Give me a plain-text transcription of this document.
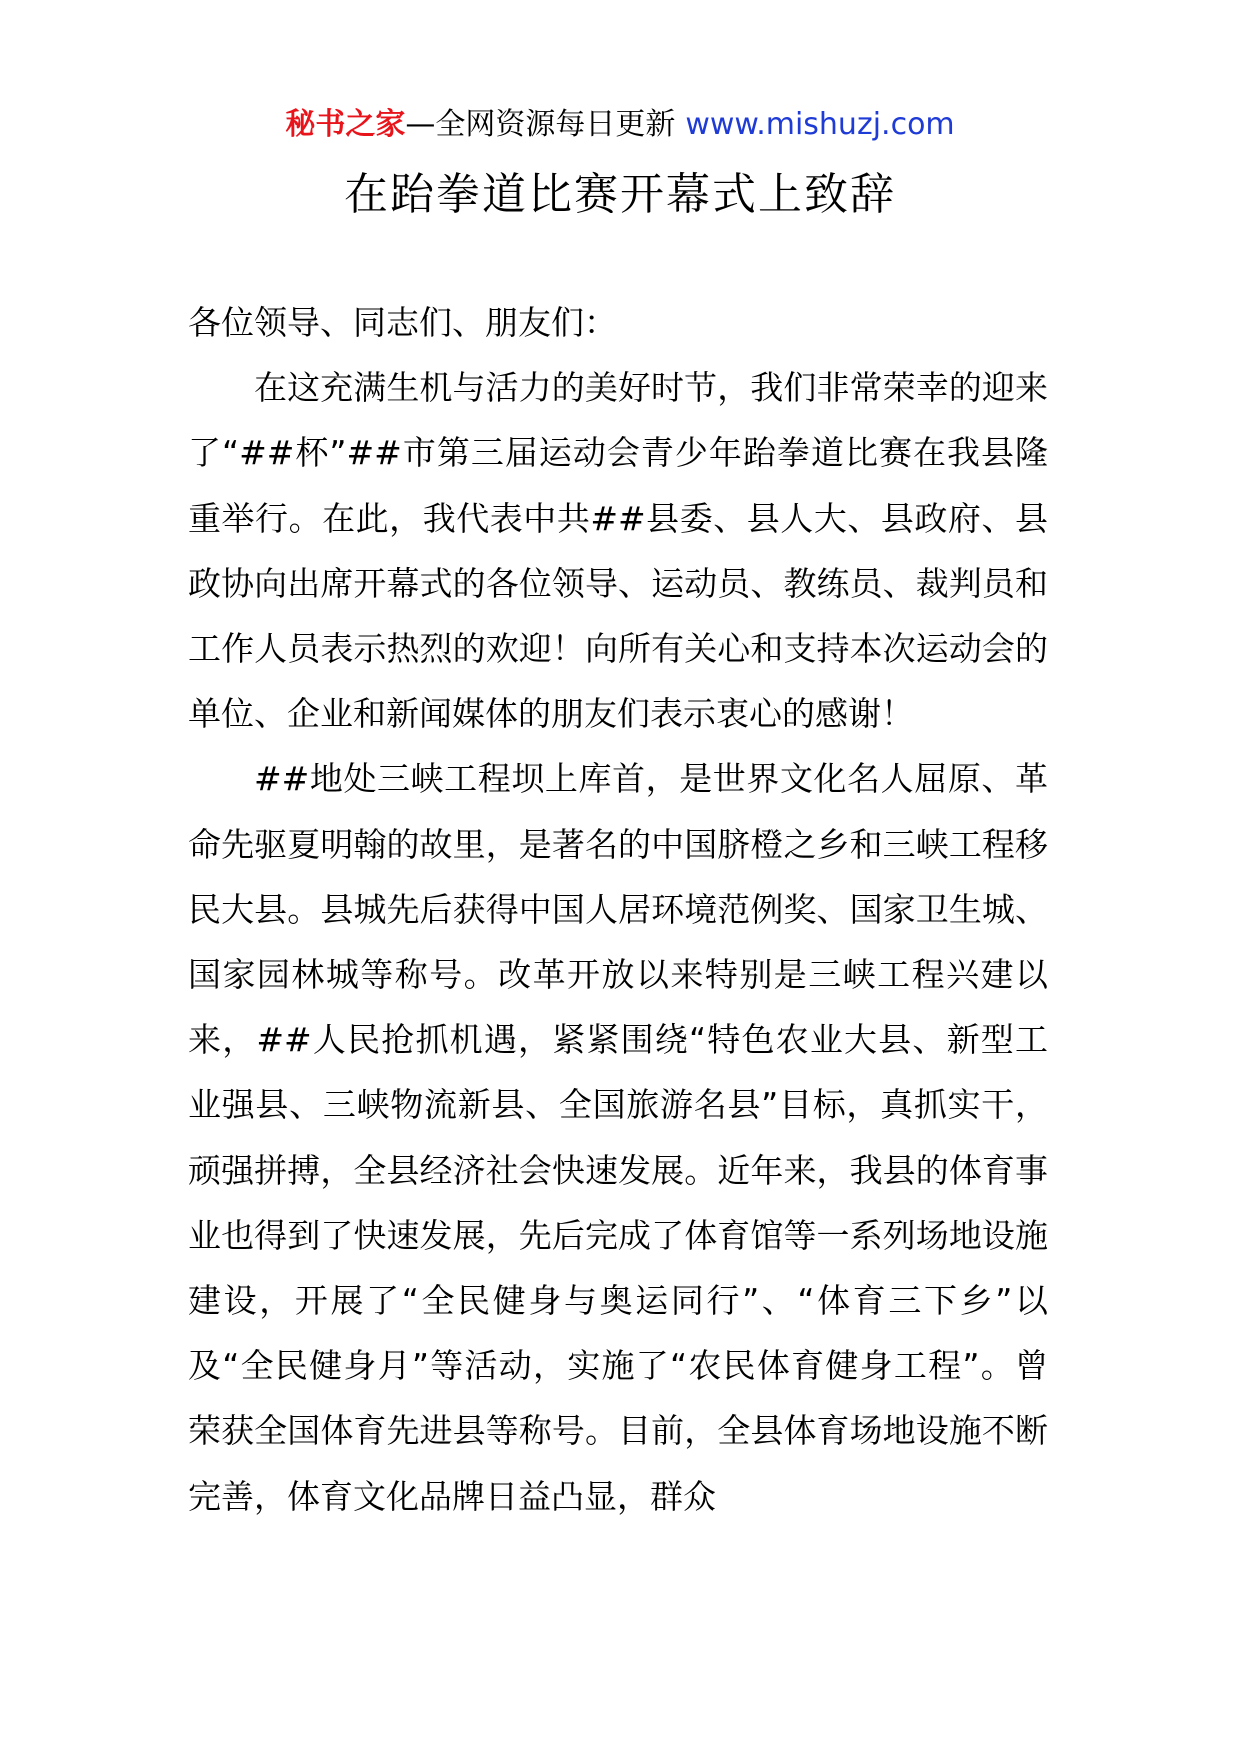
秘书之家—全网资源每日更新 www.mishuzj.com
在跆拳道比赛开幕式上致辞

各位领导、同志们、朋友们：

在这充满生机与活力的美好时节，我们非常荣幸的迎来了“##杯”##市第三届运动会青少年跆拳道比赛在我县隆重举行。在此，我代表中共##县委、县人大、县政府、县政协向出席开幕式的各位领导、运动员、教练员、裁判员和工作人员表示热烈的欢迎！向所有关心和支持本次运动会的单位、企业和新闻媒体的朋友们表示衷心的感谢！

##地处三峡工程坝上库首，是世界文化名人屈原、革命先驱夏明翰的故里，是著名的中国脐橙之乡和三峡工程移民大县。县城先后获得中国人居环境范例奖、国家卫生城、国家园林城等称号。改革开放以来特别是三峡工程兴建以来，##人民抢抓机遇，紧紧围绕“特色农业大县、新型工业强县、三峡物流新县、全国旅游名县”目标，真抓实干，顽强拼搏，全县经济社会快速发展。近年来，我县的体育事业也得到了快速发展，先后完成了体育馆等一系列场地设施建设，开展了“全民健身与奥运同行”、“体育三下乡”以及“全民健身月”等活动，实施了“农民体育健身工程”。曾荣获全国体育先进县等称号。目前，全县体育场地设施不断完善，体育文化品牌日益凸显，群众
